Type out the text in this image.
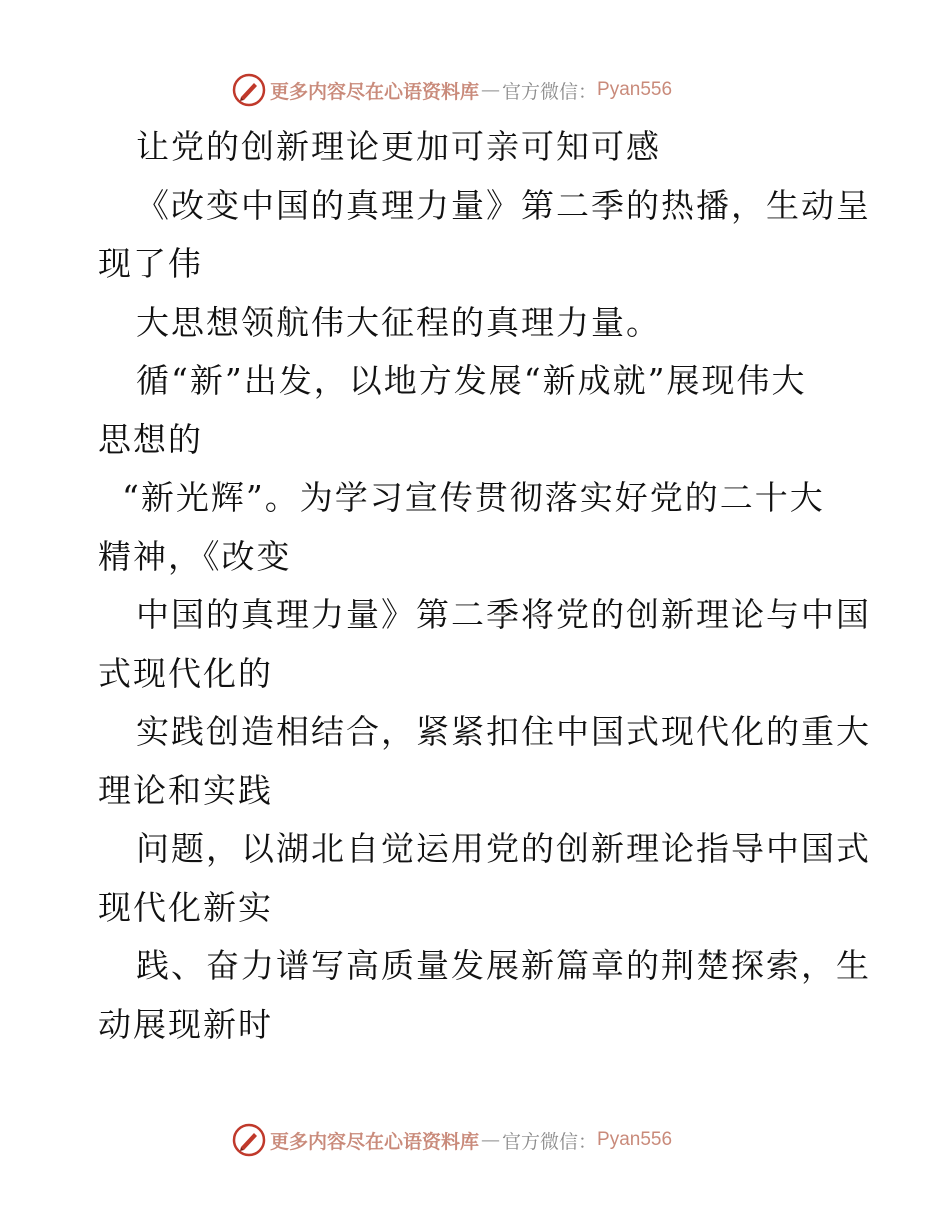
更多内容尽在心语资料库 — 官方微信： Pyan556
让党的创新理论更加可亲可知可感
《改变中国的真理力量》第二季的热播，生动呈
现了伟
大思想领航伟大征程的真理力量。
循“新”出发，以地方发展“新成就”展现伟大
思想的
“新光辉”。为学习宣传贯彻落实好党的二十大
精神，《改变
中国的真理力量》第二季将党的创新理论与中国
式现代化的
实践创造相结合，紧紧扣住中国式现代化的重大
理论和实践
问题，以湖北自觉运用党的创新理论指导中国式
现代化新实
践、奋力谱写高质量发展新篇章的荆楚探索，生
动展现新时
更多内容尽在心语资料库 — 官方微信： Pyan556
